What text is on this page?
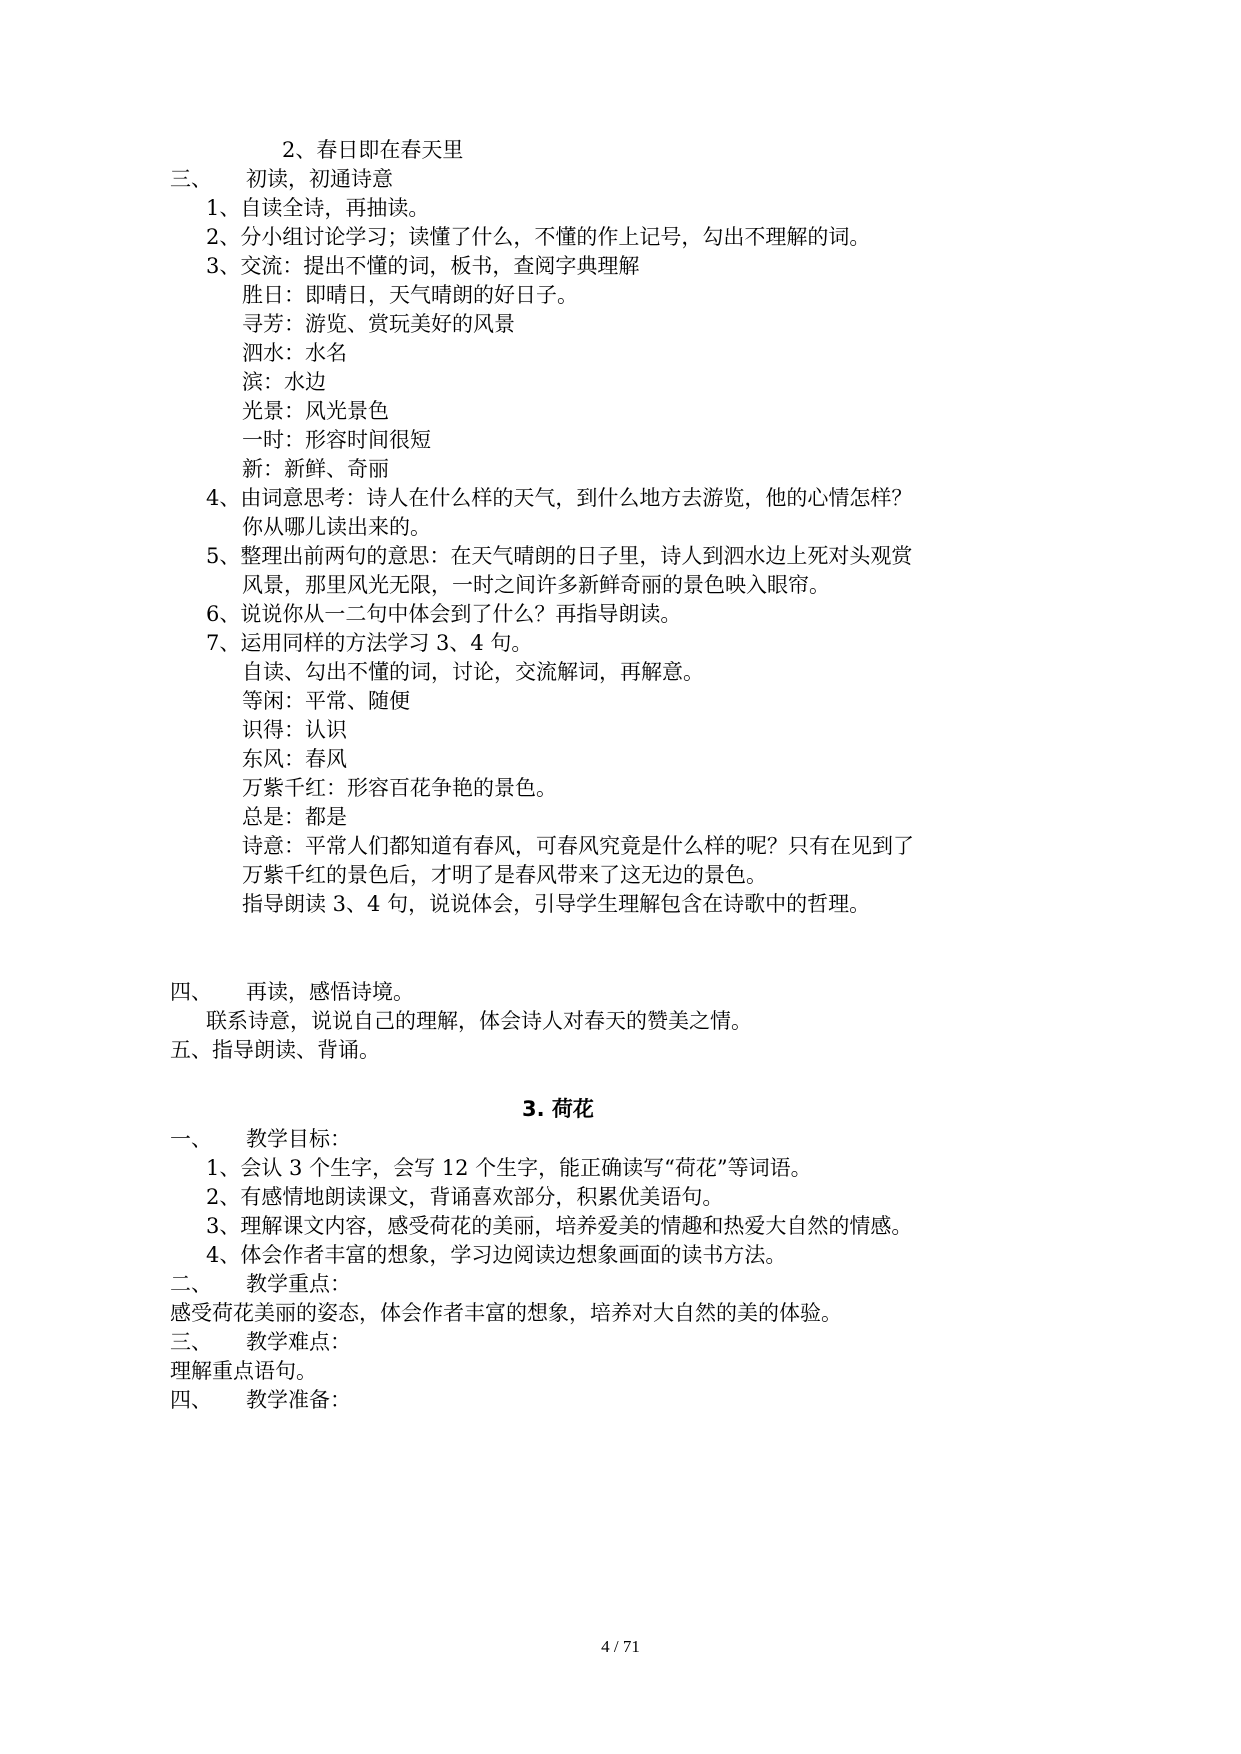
2、春日即在春天里
三、 初读，初通诗意
1、自读全诗，再抽读。
2、分小组讨论学习；读懂了什么，不懂的作上记号，勾出不理解的词。
3、交流：提出不懂的词，板书，查阅字典理解
胜日：即晴日，天气晴朗的好日子。
寻芳：游览、赏玩美好的风景
泗水：水名
滨：水边
光景：风光景色
一时：形容时间很短
新：新鲜、奇丽
4、由词意思考：诗人在什么样的天气，到什么地方去游览，他的心情怎样？
你从哪儿读出来的。
5、整理出前两句的意思：在天气晴朗的日子里，诗人到泗水边上死对头观赏
风景，那里风光无限，一时之间许多新鲜奇丽的景色映入眼帘。
6、说说你从一二句中体会到了什么？再指导朗读。
7、运用同样的方法学习 3、4 句。
自读、勾出不懂的词，讨论，交流解词，再解意。
等闲：平常、随便
识得：认识
东风：春风
万紫千红：形容百花争艳的景色。
总是：都是
诗意：平常人们都知道有春风，可春风究竟是什么样的呢？只有在见到了
万紫千红的景色后，才明了是春风带来了这无边的景色。
指导朗读 3、4 句，说说体会，引导学生理解包含在诗歌中的哲理。
四、 再读，感悟诗境。
联系诗意，说说自己的理解，体会诗人对春天的赞美之情。
五、指导朗读、背诵。
3. 荷花
一、 教学目标：
1、会认 3 个生字，会写 12 个生字，能正确读写“荷花”等词语。
2、有感情地朗读课文，背诵喜欢部分，积累优美语句。
3、理解课文内容，感受荷花的美丽，培养爱美的情趣和热爱大自然的情感。
4、体会作者丰富的想象，学习边阅读边想象画面的读书方法。
二、 教学重点：
感受荷花美丽的姿态，体会作者丰富的想象，培养对大自然的美的体验。
三、 教学难点：
理解重点语句。
四、 教学准备：
4 / 71
